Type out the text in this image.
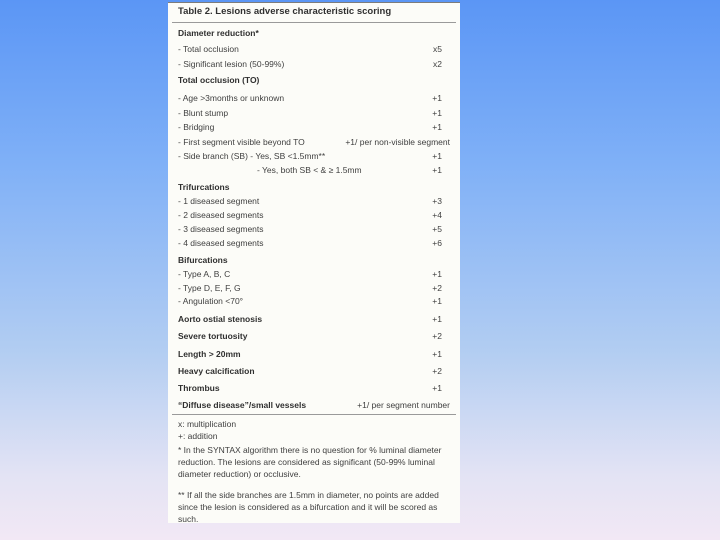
Table 2. Lesions adverse characteristic scoring
Diameter reduction*
- Total occlusion	x5
- Significant lesion (50-99%)	x2
Total occlusion (TO)
- Age >3months or unknown	+1
- Blunt stump	+1
- Bridging	+1
- First segment visible beyond TO	+1/ per non-visible segment
- Side branch (SB) - Yes, SB <1.5mm**	+1
- Yes, both SB < & ≥ 1.5mm	+1
Trifurcations
- 1 diseased segment	+3
- 2 diseased segments	+4
- 3 diseased segments	+5
- 4 diseased segments	+6
Bifurcations
- Type A, B, C	+1
- Type D, E, F, G	+2
- Angulation <70°	+1
Aorto ostial stenosis	+1
Severe tortuosity	+2
Length > 20mm	+1
Heavy calcification	+2
Thrombus	+1
“Diffuse disease”/small vessels	+1/ per segment number
x: multiplication
+: addition
* In the SYNTAX algorithm there is no question for % luminal diameter reduction. The lesions are considered as significant (50-99% luminal diameter reduction) or occlusive.
** If all the side branches are 1.5mm in diameter, no points are added since the lesion is considered as a bifurcation and it will be scored as such.
